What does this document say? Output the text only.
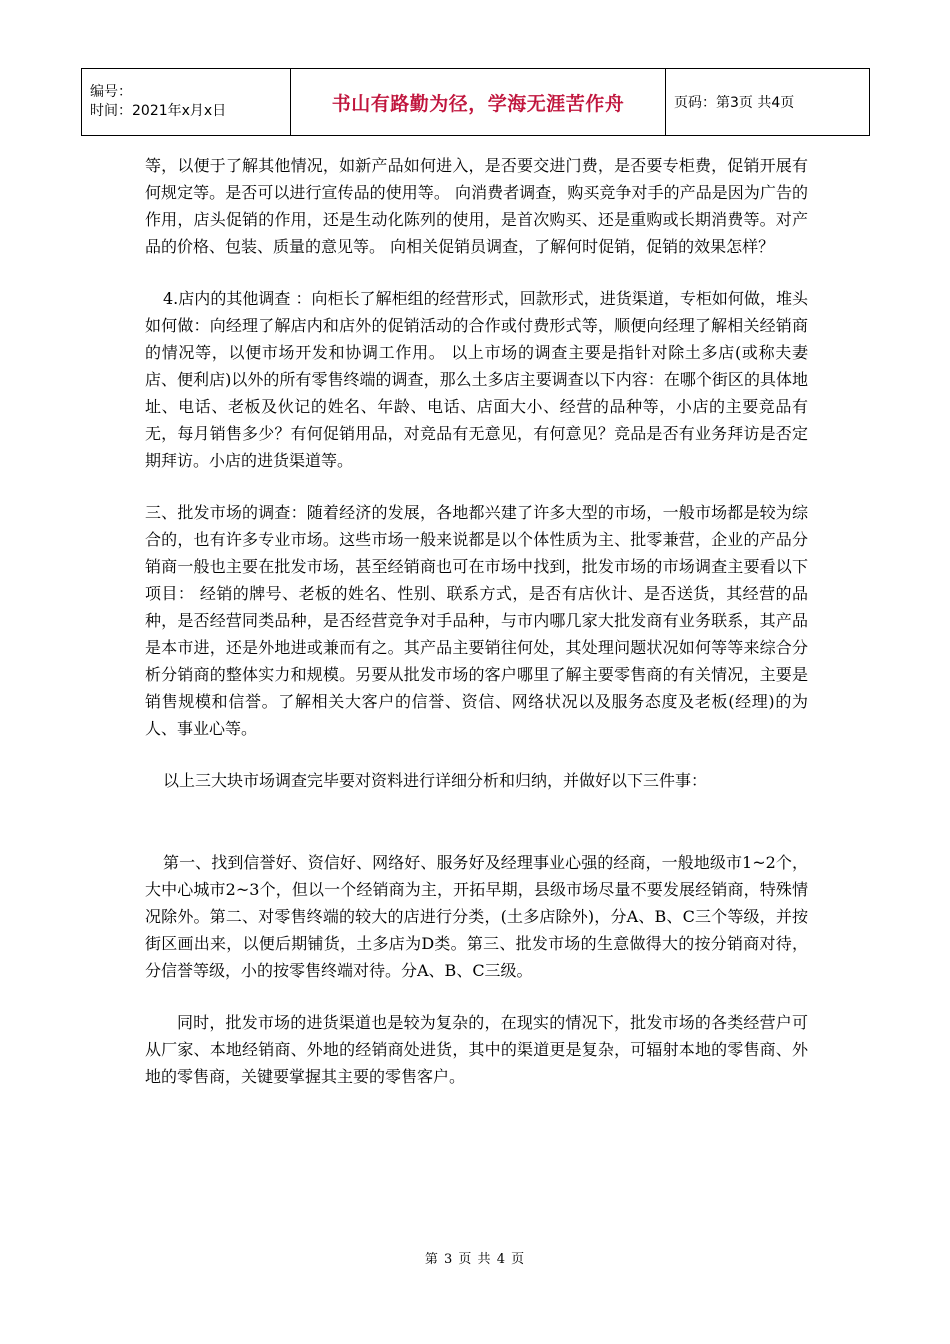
编号：
时间：2021年x月x日	书山有路勤为径，学海无涯苦作舟	页码：第3页 共4页

等，以便于了解其他情况，如新产品如何进入，是否要交进门费，是否要专柜费，促销开展有何规定等。是否可以进行宣传品的使用等。 向消费者调查，购买竞争对手的产品是因为广告的作用，店头促销的作用，还是生动化陈列的使用，是首次购买、还是重购或长期消费等。对产品的价格、包装、质量的意见等。 向相关促销员调查，了解何时促销，促销的效果怎样？

4.店内的其他调查 ：向柜长了解柜组的经营形式，回款形式，进货渠道，专柜如何做，堆头如何做：向经理了解店内和店外的促销活动的合作或付费形式等，顺便向经理了解相关经销商的情况等，以便市场开发和协调工作用。 以上市场的调查主要是指针对除土多店(或称夫妻店、便利店)以外的所有零售终端的调查，那么土多店主要调查以下内容：在哪个街区的具体地址、电话、老板及伙记的姓名、年龄、电话、店面大小、经营的品种等，小店的主要竞品有无，每月销售多少？有何促销用品，对竞品有无意见，有何意见？竞品是否有业务拜访是否定期拜访。小店的进货渠道等。

三、批发市场的调查：随着经济的发展，各地都兴建了许多大型的市场，一般市场都是较为综合的，也有许多专业市场。这些市场一般来说都是以个体性质为主、批零兼营，企业的产品分销商一般也主要在批发市场，甚至经销商也可在市场中找到，批发市场的市场调查主要看以下项目： 经销的牌号、老板的姓名、性别、联系方式，是否有店伙计、是否送货，其经营的品种，是否经营同类品种，是否经营竞争对手品种，与市内哪几家大批发商有业务联系，其产品是本市进，还是外地进或兼而有之。其产品主要销往何处，其处理问题状况如何等等来综合分析分销商的整体实力和规模。另要从批发市场的客户哪里了解主要零售商的有关情况，主要是销售规模和信誉。了解相关大客户的信誉、资信、网络状况以及服务态度及老板(经理)的为人、事业心等。

以上三大块市场调查完毕要对资料进行详细分析和归纳，并做好以下三件事：

第一、找到信誉好、资信好、网络好、服务好及经理事业心强的经商，一般地级市1~2个，大中心城市2~3个，但以一个经销商为主，开拓早期，县级市场尽量不要发展经销商，特殊情况除外。第二、对零售终端的较大的店进行分类，(土多店除外)，分A、B、C三个等级，并按街区画出来，以便后期铺货，土多店为D类。第三、批发市场的生意做得大的按分销商对待，分信誉等级，小的按零售终端对待。分A、B、C三级。

同时，批发市场的进货渠道也是较为复杂的，在现实的情况下，批发市场的各类经营户可从厂家、本地经销商、外地的经销商处进货，其中的渠道更是复杂，可辐射本地的零售商、外地的零售商，关键要掌握其主要的零售客户。

第 3 页 共 4 页
